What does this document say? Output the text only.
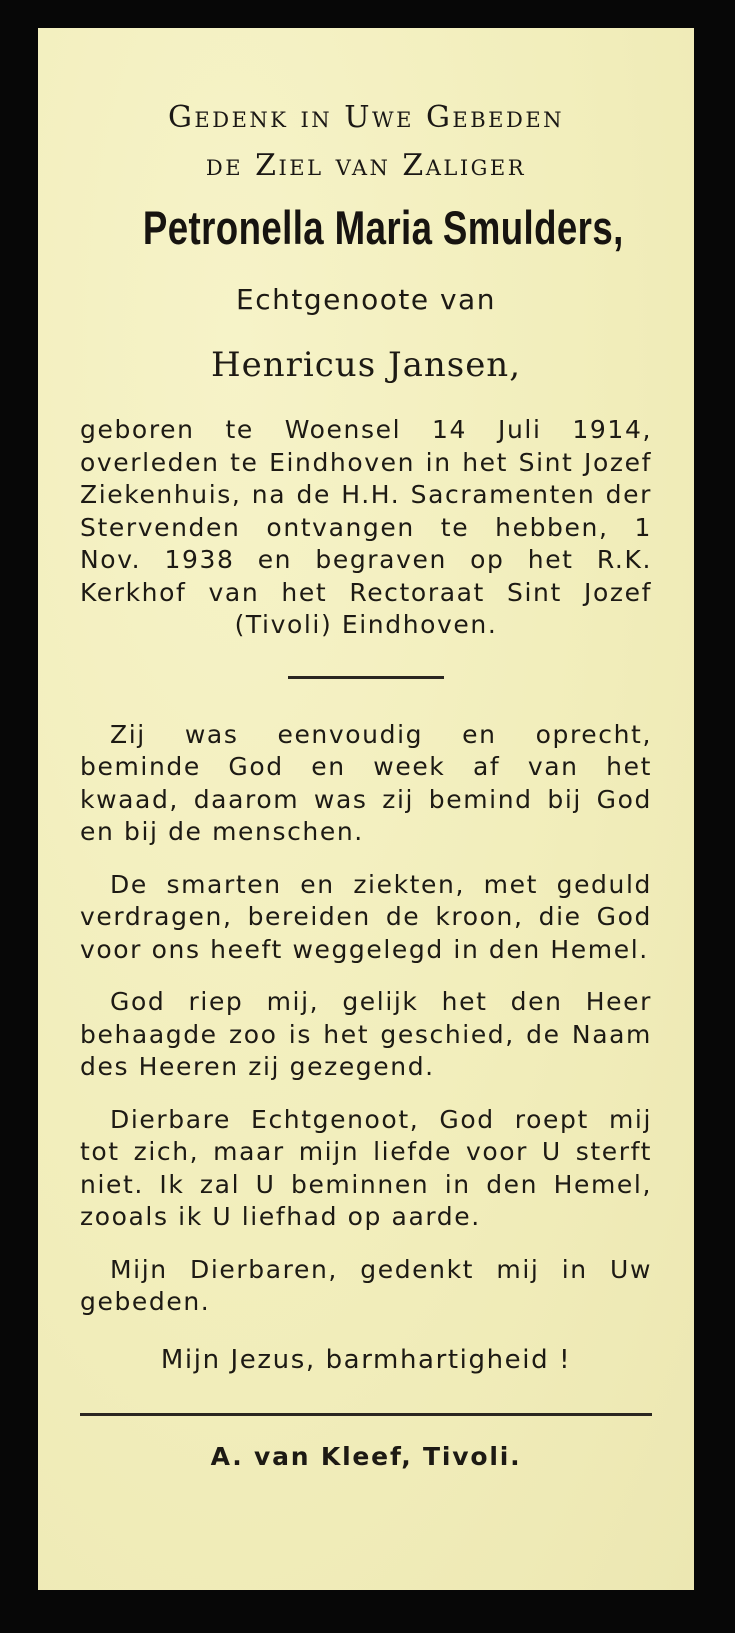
Gedenk in Uwe Gebeden
de Ziel van Zaliger
Petronella Maria Smulders,
Echtgenoote van
Henricus Jansen,
geboren te Woensel 14 Juli 1914, overleden te Eindhoven in het Sint Jozef Ziekenhuis, na de H.H. Sacramenten der Stervenden ontvangen te hebben, 1 Nov. 1938 en begraven op het R.K. Kerkhof van het Rectoraat Sint Jozef (Tivoli) Eindhoven.

Zij was eenvoudig en oprecht, beminde God en week af van het kwaad, daarom was zij bemind bij God en bij de menschen.

De smarten en ziekten, met geduld verdragen, bereiden de kroon, die God voor ons heeft weggelegd in den Hemel.

God riep mij, gelijk het den Heer behaagde zoo is het geschied, de Naam des Heeren zij gezegend.

Dierbare Echtgenoot, God roept mij tot zich, maar mijn liefde voor U sterft niet. Ik zal U beminnen in den Hemel, zooals ik U liefhad op aarde.

Mijn Dierbaren, gedenkt mij in Uw gebeden.

Mijn Jezus, barmhartigheid !
A. van Kleef, Tivoli.
